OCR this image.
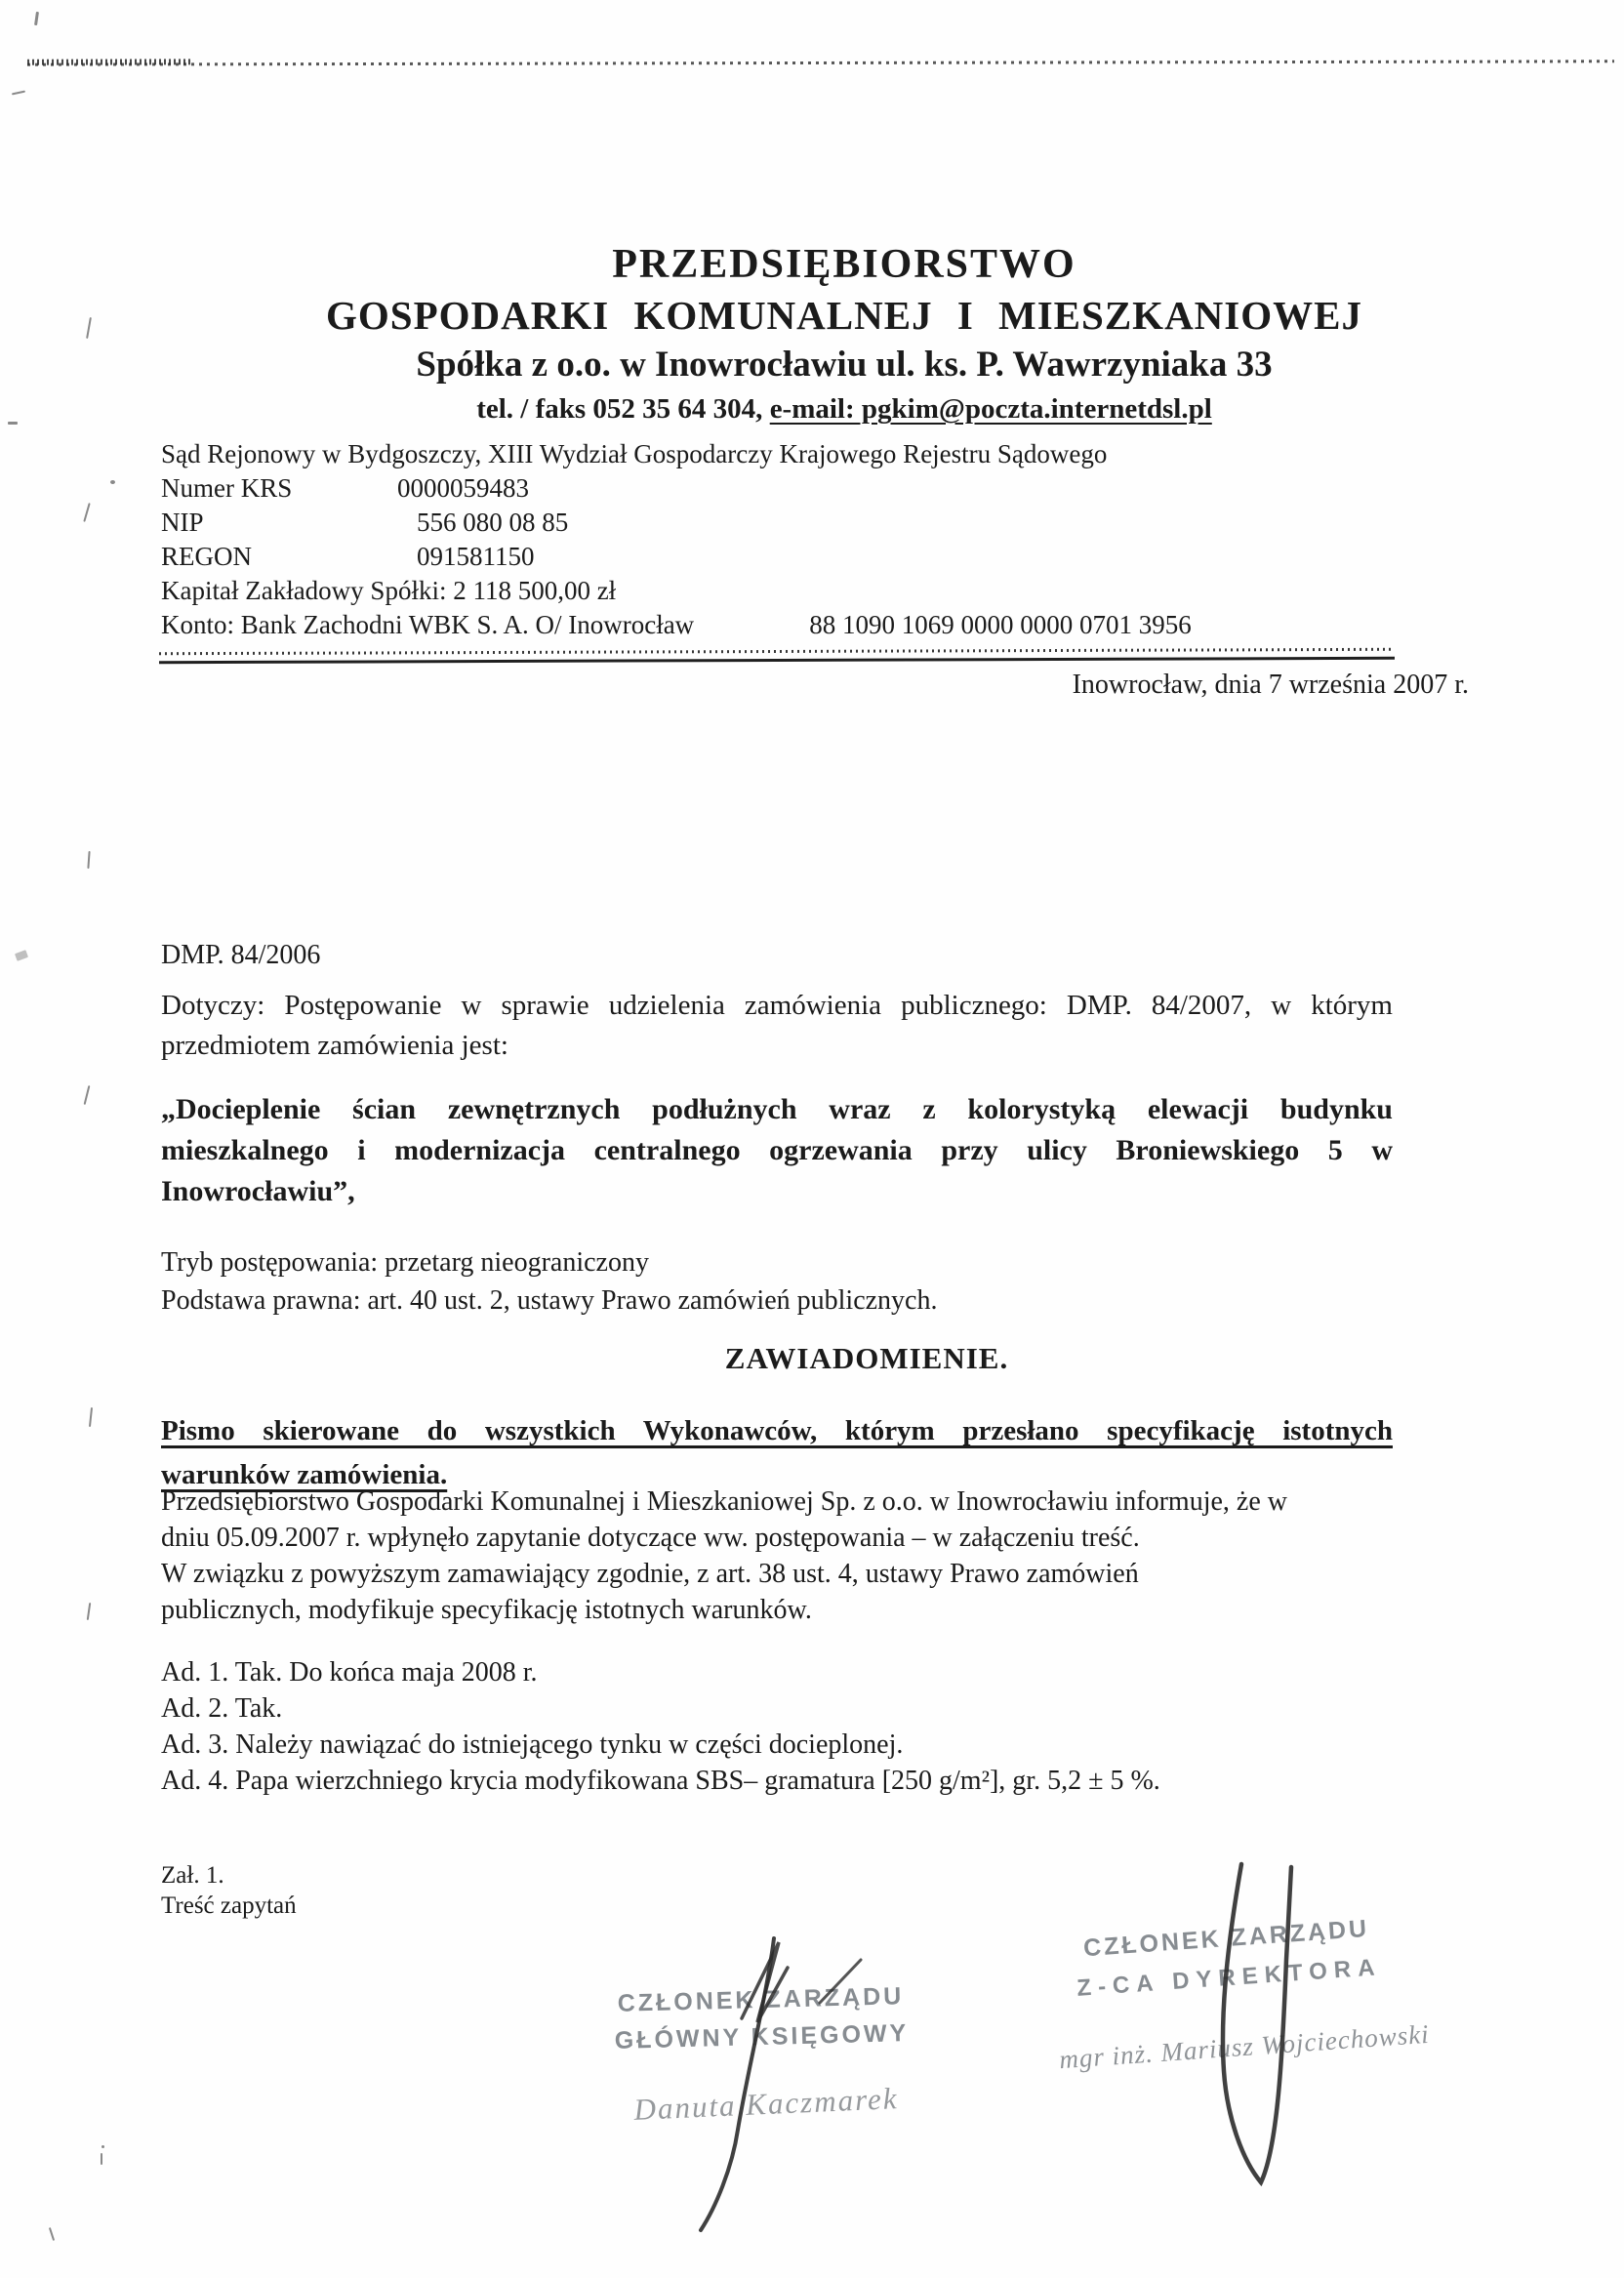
PRZEDSIĘBIORSTWO
GOSPODARKI KOMUNALNEJ I MIESZKANIOWEJ
Spółka z o.o. w Inowrocławiu ul. ks. P. Wawrzyniaka 33
tel. / faks 052 35 64 304, e-mail: pgkim@poczta.internetdsl.pl
Sąd Rejonowy w Bydgoszczy, XIII Wydział Gospodarczy Krajowego Rejestru Sądowego
Numer KRS	0000059483
NIP	556 080 08 85
REGON	091581150
Kapitał Zakładowy Spółki: 2 118 500,00 zł
Konto: Bank Zachodni WBK S. A. O/ Inowrocław	88 1090 1069 0000 0000 0701 3956
Inowrocław, dnia 7 września 2007 r.
DMP. 84/2006
Dotyczy: Postępowanie w sprawie udzielenia zamówienia publicznego: DMP. 84/2007, w którym
przedmiotem zamówienia jest:
„Docieplenie ścian zewnętrznych podłużnych wraz z kolorystyką elewacji budynku
mieszkalnego i modernizacja centralnego ogrzewania przy ulicy Broniewskiego 5 w
Inowrocławiu”,
Tryb postępowania: przetarg nieograniczony
Podstawa prawna: art. 40 ust. 2, ustawy Prawo zamówień publicznych.
ZAWIADOMIENIE.
Pismo skierowane do wszystkich Wykonawców, którym przesłano specyfikację istotnych
warunków zamówienia.
Przedsiębiorstwo Gospodarki Komunalnej i Mieszkaniowej Sp. z o.o. w Inowrocławiu informuje, że w
dniu 05.09.2007 r. wpłynęło zapytanie dotyczące ww. postępowania – w załączeniu treść.
W związku z powyższym zamawiający zgodnie, z art. 38 ust. 4, ustawy Prawo zamówień
publicznych, modyfikuje specyfikację istotnych warunków.
Ad. 1. Tak. Do końca maja 2008 r.
Ad. 2. Tak.
Ad. 3. Należy nawiązać do istniejącego tynku w części docieplonej.
Ad. 4. Papa wierzchniego krycia modyfikowana SBS– gramatura [250 g/m²], gr. 5,2 ± 5 %.
Zał. 1.
Treść zapytań
CZŁONEK ZARZĄDU
GŁÓWNY KSIĘGOWY
Danuta Kaczmarek
CZŁONEK ZARZĄDU
Z-CA DYREKTORA
mgr inż. Mariusz Wojciechowski
